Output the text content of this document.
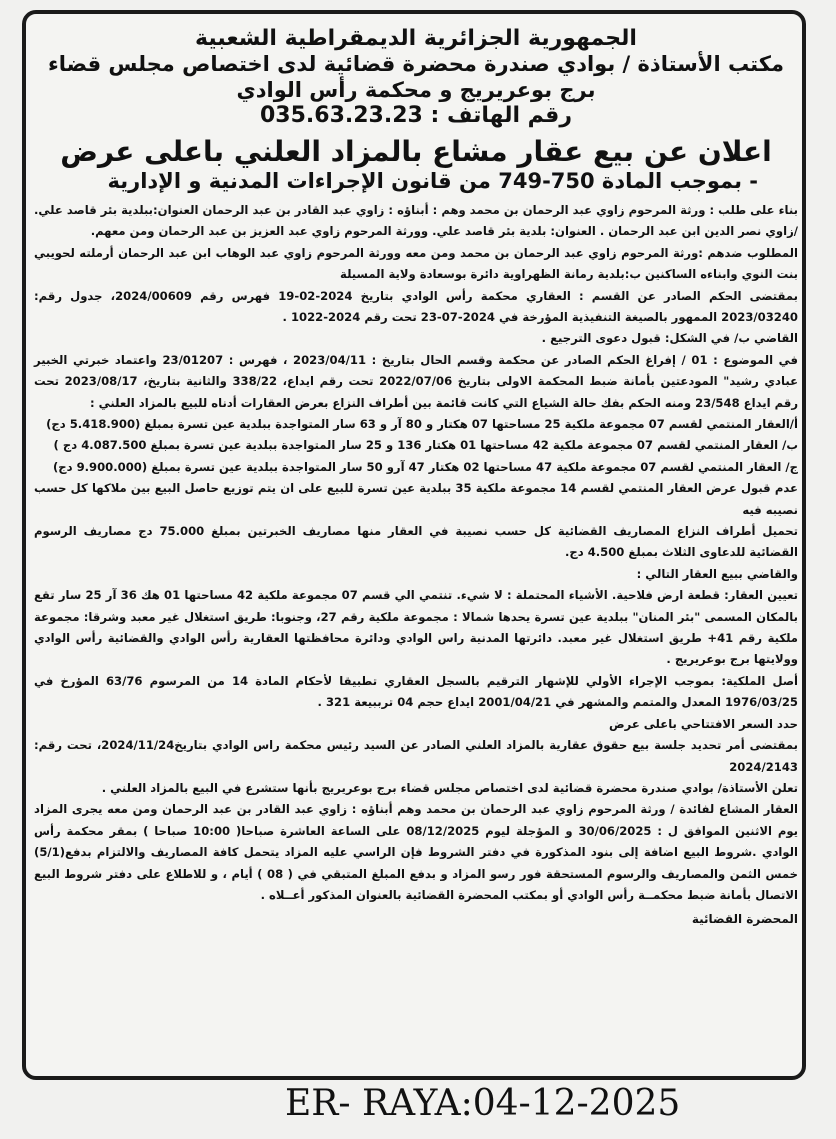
الجمهورية الجزائرية الديمقراطية الشعبية

مكتب الأستاذة / بوادي صندرة محضرة قضائية لدى اختصاص مجلس قضاء

برج بوعريريج و محكمة رأس الوادي

رقم الهاتف : 035.63.23.23

اعلان عن بيع عقار مشاع بالمزاد العلني باعلى عرض

- بموجب المادة 750-749 من قانون الإجراءات المدنية و الإدارية

بناء على طلب : ورثة المرحوم زاوي عبد الرحمان بن محمد وهم : أبناؤه : زاوي عبد القادر بن عبد الرحمان العنوان:ببلدية بئر قاصد علي. /زاوي نصر الدين ابن عبد الرحمان . العنوان: بلدية بئر قاصد علي. وورثة المرحوم زاوي عبد العزيز بن عبد الرحمان ومن معهم.

المطلوب ضدهم :ورثة المرحوم زاوي عبد الرحمان بن محمد ومن معه وورثة المرحوم زاوي عبد الوهاب ابن عبد الرحمان أرملته لحويبي بنت النوي وابناءه الساكنين ب:بلدية رمانة الظهراوية دائرة بوسعادة ولاية المسيلة

بمقتضى الحكم الصادر عن القسم : العقاري محكمة رأس الوادي بتاريخ 2024-02-19 فهرس رقم 2024/00609، جدول رقم: 2023/03240 الممهور بالصيغة التنفيذية المؤرخة في 2024-07-23 تحت رقم 2024-1022 .

القاضي ب/ في الشكل: قبول دعوى الترجيع .

في الموضوع : 01 / إفراغ الحكم الصادر عن محكمة وقسم الحال بتاريخ : 2023/04/11 ، فهرس : 23/01207 واعتماد خبرتي الخبير عبادي رشيد" المودعتين بأمانة ضبط المحكمة الاولى بتاريخ 2022/07/06 تحت رقم ايداع، 338/22 والثانية بتاريخ، 2023/08/17 تحت رقم ايداع 23/548 ومنه الحكم بفك حالة الشياع التي كانت قائمة بين أطراف النزاع بعرض العقارات أدناه للبيع بالمزاد العلني :

أ/العقار المنتمي لقسم 07 مجموعة ملكية 25 مساحتها 07 هكتار و 80 آر و 63 سار المتواجدة ببلدية عين تسرة بمبلغ (5.418.900 دج)

ب/ العقار المنتمي لقسم 07 مجموعة ملكية 42 مساحتها 01 هكتار 136 و 25 سار المتواجدة ببلدية عين تسرة بمبلغ 4.087.500 دج )

ج/ العقار المنتمي لقسم 07 مجموعة ملكية 47 مساحتها 02 هكتار 47 آرو 50 سار المتواجدة ببلدية عين تسرة بمبلغ (9.900.000 دج)

عدم قبول عرض العقار المنتمي لقسم 14 مجموعة ملكية 35 ببلدية عين تسرة للبيع على ان يتم توزيع حاصل البيع بين ملاكها كل حسب نصيبه فيه

تحميل أطراف النزاع المصاريف القضائية كل حسب نصيبة في العقار منها مصاريف الخبرتين بمبلغ 75.000 دج مصاريف الرسوم القضائية للدعاوى الثلاث بمبلغ 4.500 دج.

والقاضي ببيع العقار التالي :

تعيين العقار: قطعة ارض فلاحية. الأشياء المحتملة : لا شيء. تنتمي الي قسم 07 مجموعة ملكية 42 مساحتها 01 هك 36 آر 25 سار تقع بالمكان المسمى "بئر المنان" ببلدية عين تسرة يحدها شمالا : مجموعة ملكية رقم 27، وجنوبا: طريق استغلال غير معبد وشرقا: مجموعة ملكية رقم 41+ طريق استغلال غير معبد. دائرتها المدنية راس الوادي ودائرة محافظتها العقارية رأس الوادي والقضائية رأس الوادي وولايتها برج بوعريريج .

أصل الملكية: بموجب الإجراء الأولي للإشهار الترقيم بالسجل العقاري تطبيقا لأحكام المادة 14 من المرسوم 63/76 المؤرخ في 1976/03/25 المعدل والمتمم والمشهر في 2001/04/21 ايداع حجم 04 ترببيعة 321 .

حدد السعر الافتتاحي باعلى عرض

بمقتضى أمر تحديد جلسة بيع حقوق عقارية بالمزاد العلني الصادر عن السيد رئيس محكمة راس الوادي بتاريخ2024/11/24، تحت رقم: 2024/2143

تعلن الأستاذة/ بوادي صندرة محضرة قضائية لدى اختصاص مجلس قضاء برج بوعريريج بأنها ستشرع في البيع بالمزاد العلني .

العقار المشاع لفائدة / ورثة المرحوم زاوي عبد الرحمان بن محمد وهم أبناؤه : زاوي عبد القادر بن عبد الرحمان ومن معه يجرى المزاد يوم الاثنين الموافق ل : 30/06/2025 و المؤجلة ليوم 08/12/2025 على الساعة العاشرة صباحا( 10:00 صباحا ) بمقر محكمة رأس الوادي .شروط البيع اضافة إلى بنود المذكورة في دفتر الشروط فإن الراسي عليه المزاد يتحمل كافة المصاريف والالتزام بدفع(5/1) خمس الثمن والمصاريف والرسوم المستحقة فور رسو المزاد و بدفع المبلغ المتبقي في ( 08 ) أيام ، و للاطلاع على دفتر شروط البيع الاتصال بأمانة ضبط محكمــة رأس الوادي أو بمكتب المحضرة القضائية بالعنوان المذكور أعــلاه .

المحضرة القضائية

ER- RAYA:04-12-2025
